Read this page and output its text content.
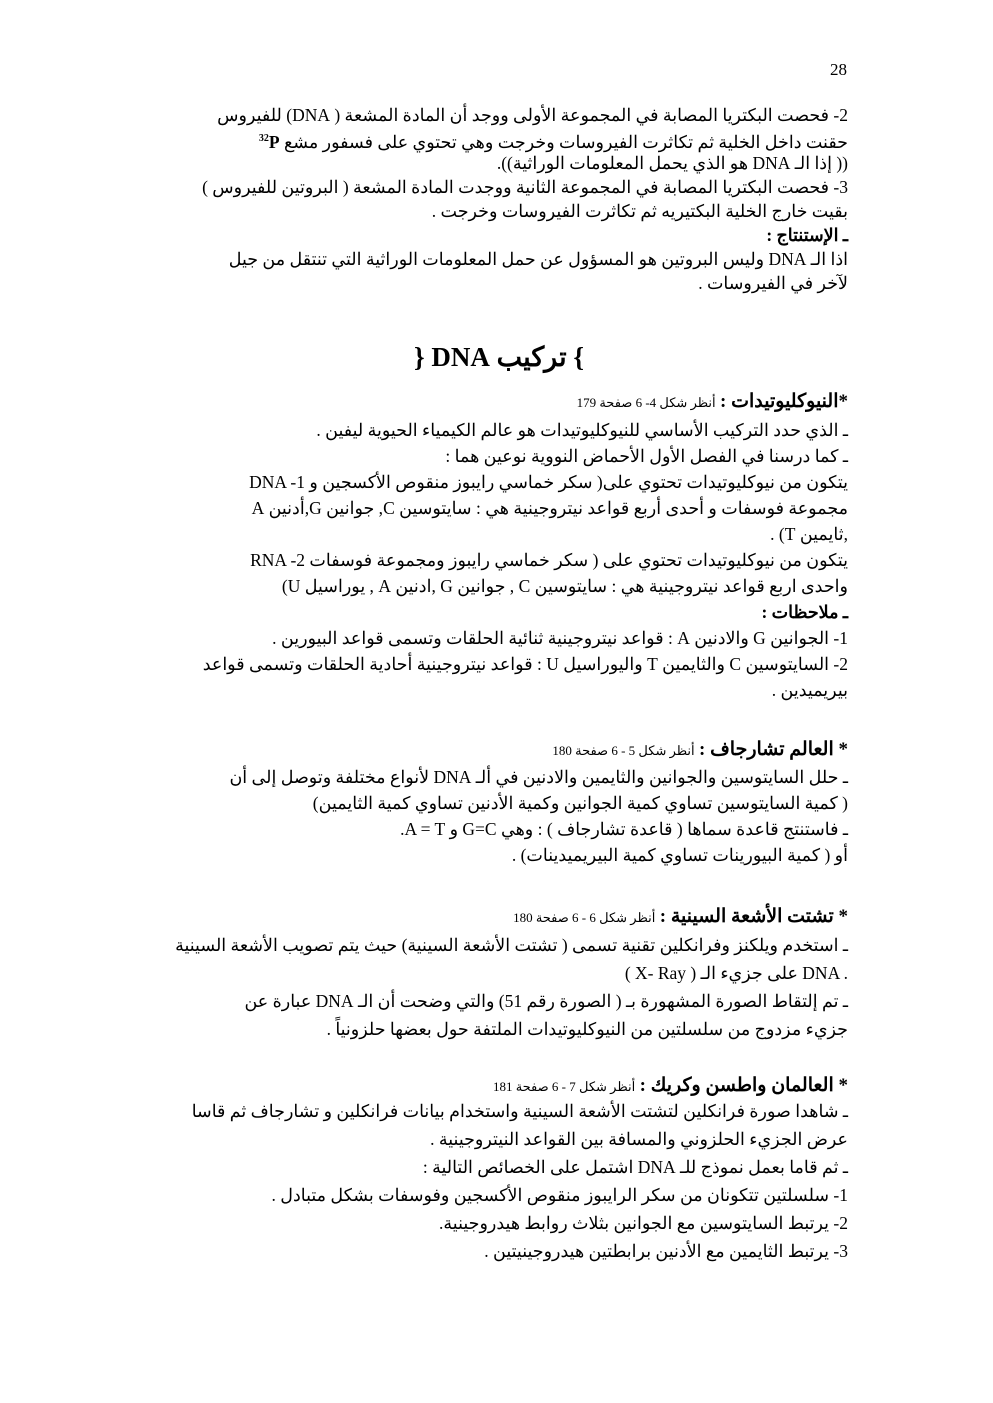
28
2- فحصت البكتريا المصابة في المجموعة الأولى ووجد أن المادة المشعة ( DNA) للفيروس
حقنت داخل الخلية ثم تكاثرت الفيروسات وخرجت وهي تحتوي على فسفور مشع $^{32}$P
(( إذا الـ DNA هو الذي يحمل المعلومات الوراثية)).
3- فحصت البكتريا المصابة في المجموعة الثانية ووجدت المادة المشعة ( البروتين للفيروس )
بقيت خارج الخلية البكتيريه ثم تكاثرت الفيروسات وخرجت .
ـ الإستنتاج :
اذا الـ DNA وليس البروتين هو المسؤول عن حمل المعلومات الوراثية التي تنتقل من جيل
لآخر في الفيروسات .
} تركيب DNA {
*النيوكليوتيدات : أنظر شكل 4- 6 صفحة 179
ـ الذي حدد التركيب الأساسي للنيوكليوتيدات هو عالم الكيمياء الحيوية ليفين .
ـ كما درسنا في الفصل الأول الأحماض النووية نوعين هما :
DNA -1 يتكون من نيوكليوتيدات تحتوي على( سكر خماسي رايبوز منقوص الأكسجين و
مجموعة فوسفات و أحدى أربع قواعد نيتروجينية هي : سايتوسين C, جوانين G,أدنين A
,ثايمين T) .
RNA -2 يتكون من نيوكليوتيدات تحتوي على ( سكر خماسي رايبوز ومجموعة فوسفات
واحدى اربع قواعد نيتروجينية هي : سايتوسين C , جوانين G ,ادنين A , يوراسيل U)
ـ ملاحظات :
1- الجوانين G والادنين A : قواعد نيتروجينية ثنائية الحلقات وتسمى قواعد البيورين .
2- السايتوسين C والثايمين T واليوراسيل U : قواعد نيتروجينية أحادية الحلقات وتسمى قواعد
بيريميدين .
* العالم تشارجاف : أنظر شكل 5 - 6 صفحة 180
ـ حلل السايتوسين والجوانين والثايمين والادنين في ألـ DNA لأنواع مختلفة وتوصل إلى أن
( كمية السايتوسين تساوي كمية الجوانين وكمية الأدنين تساوي كمية الثايمين)
ـ فاستنتج قاعدة سماها ( قاعدة تشارجاف ) : وهي G=C و A = T.
أو ( كمية البيورينات تساوي كمية البيريميدينات) .
* تشتت الأشعة السينية : أنظر شكل 6 - 6 صفحة 180
ـ استخدم ويلكنز وفرانكلين تقنية تسمى ( تشتت الأشعة السينية) حيث يتم تصويب الأشعة السينية
( X- Ray ) على جزيء الـ DNA .
ـ تم إلتقاط الصورة المشهورة بـ ( الصورة رقم 51) والتي وضحت أن الـ DNA عبارة عن
جزيء مزدوج من سلسلتين من النيوكليوتيدات الملتفة حول بعضها حلزونياً .
* العالمان واطسن وكريك : أنظر شكل 7 - 6 صفحة 181
ـ شاهدا صورة فرانكلين لتشتت الأشعة السينية واستخدام بيانات فرانكلين و تشارجاف ثم قاسا
عرض الجزيء الحلزوني والمسافة بين القواعد النيتروجينية .
ـ ثم قاما بعمل نموذج للـ DNA اشتمل على الخصائص التالية :
1- سلسلتين تتكونان من سكر الرايبوز منقوص الأكسجين وفوسفات بشكل متبادل .
2- يرتبط السايتوسين مع الجوانين بثلاث روابط هيدروجينية.
3- يرتبط الثايمين مع الأدنين برابطتين هيدروجينيتين .
